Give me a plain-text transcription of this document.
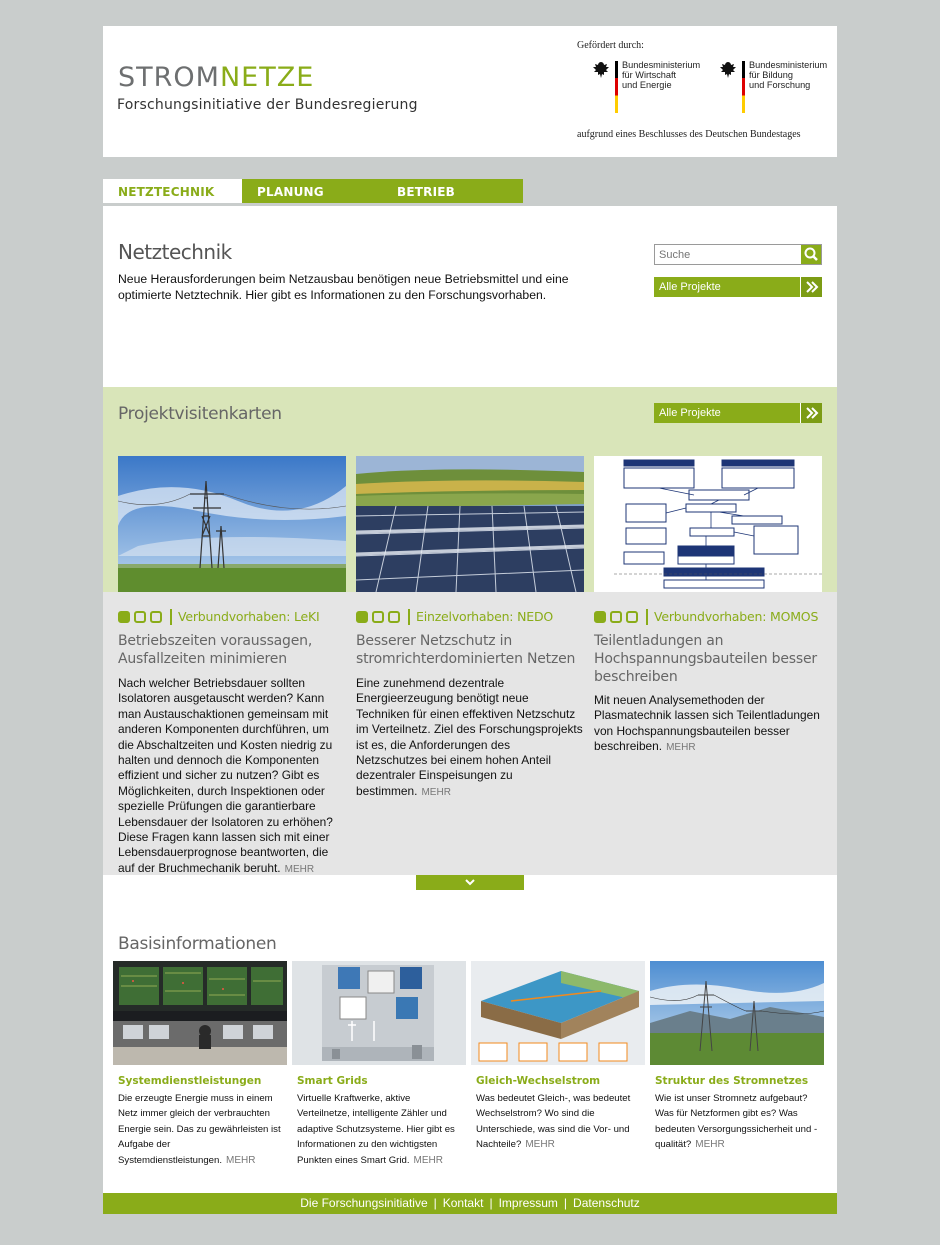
STROMNETZE
Forschungsinitiative der Bundesregierung
Gefördert durch:
Bundesministerium
für Wirtschaft
und Energie
Bundesministerium
für Bildung
und Forschung
aufgrund eines Beschlusses des Deutschen Bundestages
NETZTECHNIK	PLANUNG	BETRIEB
Netztechnik
Neue Herausforderungen beim Netzausbau benötigen neue Betriebsmittel und eine optimierte Netztechnik. Hier gibt es Informationen zu den Forschungsvorhaben.
Suche
Alle Projekte
Projektvisitenkarten	Alle Projekte
Verbundvorhaben: LeKI
Betriebszeiten voraussagen, Ausfallzeiten minimieren
Nach welcher Betriebsdauer sollten Isolatoren ausgetauscht werden? Kann man Austauschaktionen gemeinsam mit anderen Komponenten durchführen, um die Abschaltzeiten und Kosten niedrig zu halten und dennoch die Komponenten effizient und sicher zu nutzen? Gibt es Möglichkeiten, durch Inspektionen oder spezielle Prüfungen die garantierbare Lebensdauer der Isolatoren zu erhöhen? Diese Fragen kann lassen sich mit einer Lebensdauerprognose beantworten, die auf der Bruchmechanik beruht. MEHR
Einzelvorhaben: NEDO
Besserer Netzschutz in stromrichterdominierten Netzen
Eine zunehmend dezentrale Energieerzeugung benötigt neue Techniken für einen effektiven Netzschutz im Verteilnetz. Ziel des Forschungsprojekts ist es, die Anforderungen des Netzschutzes bei einem hohen Anteil dezentraler Einspeisungen zu bestimmen. MEHR
Verbundvorhaben: MOMOS
Teilentladungen an Hochspannungsbauteilen besser beschreiben
Mit neuen Analysemethoden der Plasmatechnik lassen sich Teilentladungen von Hochspannungsbauteilen besser beschreiben. MEHR
Basisinformationen
Systemdienstleistungen
Die erzeugte Energie muss in einem Netz immer gleich der verbrauchten Energie sein. Das zu gewährleisten ist Aufgabe der Systemdienstleistungen. MEHR
Smart Grids
Virtuelle Kraftwerke, aktive Verteilnetze, intelligente Zähler und adaptive Schutzsysteme. Hier gibt es Informationen zu den wichtigsten Punkten eines Smart Grid. MEHR
Gleich-Wechselstrom
Was bedeutet Gleich-, was bedeutet Wechselstrom? Wo sind die Unterschiede, was sind die Vor- und Nachteile? MEHR
Struktur des Stromnetzes
Wie ist unser Stromnetz aufgebaut? Was für Netzformen gibt es? Was bedeuten Versorgungssicherheit und -qualität? MEHR
Die Forschungsinitiative | Kontakt | Impressum | Datenschutz
